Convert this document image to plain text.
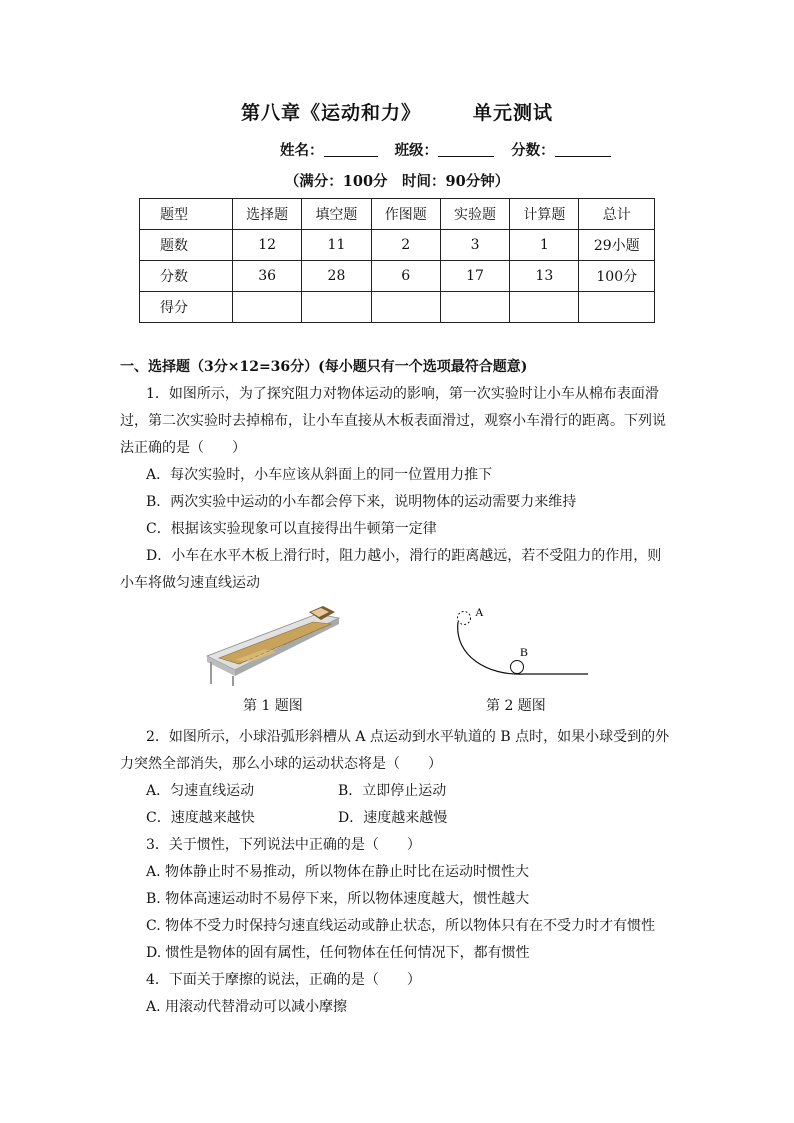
第八章《运动和力》	单元测试
姓名：	班级：	分数：
（满分：100分　时间：90分钟）
题型	选择题	填空题	作图题	实验题	计算题	总计
题数	12	11	2	3	1	29小题
分数	36	28	6	17	13	100分
得分						
一、选择题（3分×12=36分）(每小题只有一个选项最符合题意)
1．如图所示，为了探究阻力对物体运动的影响，第一次实验时让小车从棉布表面滑
过，第二次实验时去掉棉布，让小车直接从木板表面滑过，观察小车滑行的距离。下列说
法正确的是（　　）
A．每次实验时，小车应该从斜面上的同一位置用力推下
B．两次实验中运动的小车都会停下来，说明物体的运动需要力来维持
C．根据该实验现象可以直接得出牛顿第一定律
D．小车在水平木板上滑行时，阻力越小，滑行的距离越远，若不受阻力的作用，则
小车将做匀速直线运动
A
B
第 1 题图	第 2 题图
2．如图所示，小球沿弧形斜槽从 A 点运动到水平轨道的 B 点时，如果小球受到的外
力突然全部消失，那么小球的运动状态将是（　　）
A．匀速直线运动	B．立即停止运动
C．速度越来越快	D．速度越来越慢
3．关于惯性，下列说法中正确的是（　　）
A. 物体静止时不易推动，所以物体在静止时比在运动时惯性大
B. 物体高速运动时不易停下来，所以物体速度越大，惯性越大
C. 物体不受力时保持匀速直线运动或静止状态，所以物体只有在不受力时才有惯性
D. 惯性是物体的固有属性，任何物体在任何情况下，都有惯性
4．下面关于摩擦的说法，正确的是（　　）
A. 用滚动代替滑动可以减小摩擦
